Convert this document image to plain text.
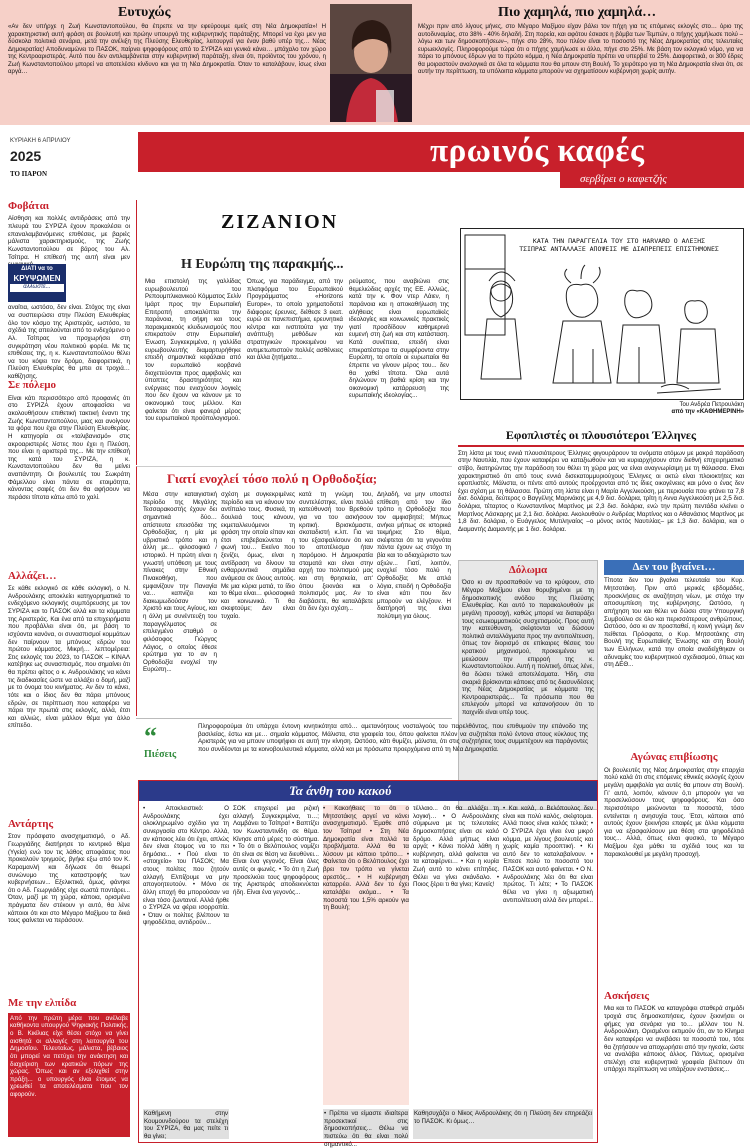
Ευτυχώς
«Αν δεν υπήρχε η Ζωή Κωνσταντοπούλου, θα έπρεπε να την εφεύρουμε εμείς στη Νέα Δημοκρατία»! Η χαρακτηριστική αυτή φράση σε βουλευτή και πρώην υπουργό της κυβερνητικής παράταξης. Μπορεί να έχει μεν για δύσκολα πολιτικά σενάρια, μετά την ανέλιξη της Πλεύσης Ελευθερίας, λειτουργεί για έναν βαθύ υπέρ της… Νέας Δημοκρατίας! Αποδυναμώνει το ΠΑΣΟΚ, παίρνει ψηφοφόρους από το ΣΥΡΙΖΑ και γενικά κάνει… μπάχαλο τον χώρο της Κεντροαριστεράς. Αυτό που δεν αντιλαμβάνεται στην κυβερνητική παράταξη, είναι ότι, προϊόντος του χρόνου, η Ζωή Κωνσταντοπούλου μπορεί να αποτελέσει κίνδυνο και για τη Νέα Δημοκρατία. Όταν το καταλάβουν, ίσως είναι αργά…
Πιο χαμηλά, πιο χαμηλά…
Μέχρι πριν από λίγους μήνες, στο Μέγαρο Μαξίμου είχαν βάλει τον πήχη για τις επόμενες εκλογές στο… όριο της αυτοδυναμίας, στο 38% - 40% δηλαδή. Στη πορεία, και αφότου έσκασε η βόμβα των Τεμπών, ο πήχης χαμήλωσε πολύ –λόγω και των δημοσκοπήσεων–, πήγε στο 28%, που πλέον είναι το ποσοστό της Νέας Δημοκρατίας στις τελευταίες ευρωεκλογές. Πληροφορούμε τώρα ότι ο πήχης χαμήλωσε κι άλλο, πήγε στο 25%. Με βάση τον εκλογικό νόμο, για να πάρει το μπόνους έδρων για το πρώτο κόμμα, η Νέα Δημοκρατία πρέπει να υπερβεί το 25%. Διαφορετικά, οι 300 έδρες θα μοιραστούν αναλογικά σε όλα τα κόμματα που θα μπουν στη Βουλή. Το χειρότερο για τη Νέα Δημοκρατία είναι ότι, σε αυτήν την περίπτωση, τα υπόλοιπα κόμματα μπορούν να σχηματίσουν κυβέρνηση χωρίς αυτήν.
ΚΥΡΙΑΚΗ 6 ΑΠΡΙΛΙΟΥ
2025
ΤΟ ΠΑΡΟΝ
πρωινός καφές
σερβίρει ο καφετζής
Φοβάται
Αίσθηση και πολλές αντιδράσεις από την πλευρά του ΣΥΡΙΖΑ έχουν προκαλέσει οι επαναλαμβανόμενες επιθέσεις, με βαριές μάλιστα χαρακτηρισμούς, της Ζωής Κωνσταντοπούλου σε βάρος του Αλ. Τσίπρα. Η επίθεσή της αυτή είναι μεν
ΔΙΑΤΙ να το
ΚΡΥΨΩΜΕΝ
άλλωστε...
αναίτια, ωστόσο, δεν είναι. Στόχος της είναι να συσπειρώσει στην Πλεύση Ελευθερίας όλο τον κόσμο της Αριστεράς, ωστόσο, τα σχέδιά της απειλούνται από το ενδεχόμενο ο Αλ. Τσίπρας να προχωρήσει στη συγκρότηση νέου πολιτικού φορέα. Με τις επιθέσεις της, η κ. Κωνσταντοπούλου θέλει να του κόψει τον δρόμο, διαφορετικά, η Πλεύση Ελευθερίας θα μπει σε τροχιά… καθίζησης.
Σε πόλεμο
Είναι κάτι περισσότερο από προφανές ότι στο ΣΥΡΙΖΑ έχουν αποφασίσει να ακολουθήσουν επιθετική τακτική έναντι της Ζωής Κωνσταντοπούλου, μιας και ανοίγουν τα φόρα που έχει στην Πλεύση Ελευθερίας. Η κατηγορία σε «ταλιβανισμό» στις ακροαριστερές λίστες που έχει η Πλεύση, που είναι η αριστερά της... Με την επίθεσή της κατά του ΣΥΡΙΖΑ, η κ. Κωνσταντοπούλου δεν θα μείνει αναπάντητη. Οι βουλευτές του Σωκράτη Φάμελλου είναι πάντα σε ετοιμότητα, κάνοντας σαφές ότι δεν θα αφήσουν να περάσει τίποτα κάτω από το χαλί.
Αλλάζει…
Σε κάθε εκλογικό σε κάθε εκλογική, ο Ν. Ανδρουλάκης αποκλείει κατηγορηματικά το ενδεχόμενο εκλογικής συμπόρευσης με τον ΣΥΡΙΖΑ και το ΠΑΣΟΚ αλλά και τα κόμματα της Αριστεράς. Και ένα από τα επιχειρήματα που προβάλλει είναι ότι, με βάση το ισχύοντα κανόνα, οι συνασπισμοί κομμάτων δεν παίρνουν τα μπόνους εδρών του πρώτου κόμματος. Μικρή… λεπτομέρεια: Στις εκλογές του 2023, το ΠΑΣΟΚ – ΚΙΝΑΛ κατέβηκε ως συνασπισμός, που σημαίνει ότι θα πρέπει φέτος ο κ. Ανδρουλάκης να κάνει τις διαδικασίες ώστε να αλλάξει ο δομή, μαζί με το όνομα του κινήματος. Αν δεν το κάνει, τότε και ο ίδιος δεν θα πάρει μπόνους εδρών, σε περίπτωση που καταφέρει να πάρει την πρωτιά στις εκλογές, αλλά, έτσι και αλλιώς, είναι μάλλον θέμα για άλλο επίπεδο.
ΖΙΖΑΝΙΟΝ
Η Ευρώπη της παρακμής...
Μια επιστολή της γαλλίδας ευρωβουλευτού του Ρεπουμπλικανικού Κόμματος Σελίν Ιμάρτ προς την Ευρωπαϊκή Επιτροπή αποκαλύπτει την παράνοια, τη σήψη και τους παρακμιακούς κλυδωνισμούς που επικρατούν στην Ευρωπαϊκή Ένωση. Συγκεκριμένα, η γαλλίδα ευρωβουλευτής διαμαρτυρήθηκε επειδή σημαντικά κεφάλαια από τον ευρωπαϊκό κορβανά διοχετεύονται προς αμφιβολές και ύποπτες δραστηριότητες και ενέργειες που ενισχύουν λογικές που δεν έχουν να κάνουν με το οικονομικό τους μέλλον. Και φαίνεται ότι είναι φανερά μέρος του ευρωπαϊκού προϋπολογισμού.
Όπως, για παράδειγμα, από την πλατφόρμα του Ευρωπαϊκού Προγράμματος «Horizons Europe», το οποίο χρηματοδοτεί διάφορες έρευνες, διέθεσε 3 εκατ. ευρώ σε πανεπιστήμια, ερευνητικά κέντρα και ινστιτούτα για την ανάπτυξη μεθόδων και στρατηγικών προκειμένου να αντιμετωπιστούν πολλές ασθένειες και άλλα ζητήματα...
ρεύματος, που αναβιώνει στις θεμελιώδεις αρχές της ΕΕ. Αλλιώς, κατά την κ. Φον ντερ Λάιεν, η παράνοια και η αποκαθήλωση της αλήθειας είναι ευρωπαϊκές ιδεολογίες και κοινωνικές πρακτικές γιατί προσδίδουν καθημερινά ευμενή στη ζωή και στη κατάσταση. Κατά συνέπεια, επειδή είναι επικρατέστερα τα συμφέροντα στην Ευρώπη, τα οποία οι ευρωπαίοι θα έπρεπε να γίνουν μέρος του... δεν θα χαθεί τίποτα. Όλα αυτά δηλώνουν τη βαθιά κρίση και την οικονομική κατάρρευση της ευρωπαϊκής ιδεολογίας...
ΚΑΤΑ ΤΗΝ ΠΑΡΑΓΓΕΛΙΑ ΤΟΥ ΣΤΟ HARVARD Ο ΑΛΕΞΗΣ ΤΣΙΠΡΑΣ ΑΝΤΑΛΛΑΞΕ ΑΠΟΨΕΙΣ ΜΕ ΔΙΑΠΡΕΠΕΙΣ ΕΠΙΣΤΗΜΟΝΕΣ
Του Ανδρέα Πετρουλάκη
από την «ΚΑΘΗΜΕΡΙΝΗ»
Γιατί ενοχλεί τόσο πολύ η Ορθοδοξία;
Μέσα στην καταιγιστική περίοδο της Μεγάλης Τεσσαρακοστής έχουν δει σημαντικά δύο… απίστευτα επεισόδια της Ορθοδοξίας, η μία με υβριστικό τρόπο και η άλλη με… φιλοσοφικό / ιστορικό. Η πρώτη είναι η γνωστή υπόθεση με τους πίνακες στην Εθνική Πινακοθήκη, που εμφανίζουν την Παναγία να… καπνίζει και διακωμωδούσαν τον Χριστό και τους Αγίους, και η άλλη με συνέντευξη του παραγγέλματος σε επιλεγμένο σταθμό ο φιλόσοφος Γιώργος Λάγιος, ο οποίος έθεσε ερώτημα για το αν η Ορθοδοξία ενοχλεί την Ευρώπη...
σχέση με συγκεκριμένες περίοδο και να κάνουν τον αντίπαλο τους. Φυσικά, τη δουλειά τους κάνουν, εκμεταλλευόμενοι τη φράση την οποία είπαν και έτσι επιβεβαιώνεται η φωνή του… Εκείνο που ξενίζει, όμως, είναι η αντίδραση να δίνουν τα ενθαρρυντικά σημάδια ανάμεσα σε όλους αυτούς. Με μια κύρια ματιά, το ίδιο το θέμα είναι… φιλοσοφικά και κοινωνικά. Τι θα σκεφτούμε; Δεν είναι τυχαίο.
κατά τη γνώμη του, συντελέστηκε, είναι πολλά κατεύθυνσή του Βρεθούν για να του ασκήσουν κριτική. Βρισκόμαστε, σκοταδιστή κ.λπ. Για να του εξασφαλίσουν ότι και το αποτέλεσμα ήταν παρόμοιο. Η Δημοκρατία σταματά και είναι στην αρχή του πολιτισμού μας και στη θρησκεία, απ' όπου ξεκινάει και ο πολιτισμός μας. Αν το διαβάσετε, θα καταλάβετε ότι δεν έχει σχέση...
Δηλαδή, να μην υποστεί επίθεση από τον ίδιο τρόπο η Ορθοδοξία που τον αμφισβητεί; Μήπως ανήκει μήπως σε ιστορικά τεκμήρια; Στο θέμα, σκέφτεται ότι τα γεγονότα πάντα έχουν ως στόχο τη βία και το αδιαχώριστο των αξιών... Γιατί, λοιπόν, ενοχλεί τόσο πολύ η Ορθοδοξία; Με απλά λόγια, επειδή η Ορθοδοξία είναι κάτι που δεν μπορούν να ελέγξουν. Η διατήρησή της είναι πολύτιμη για όλους.
Εφοπλιστές οι πλουσιότεροι Έλληνες
Στη λίστα με τους εννιά πλουσιότερους Έλληνες φιγουράρουν τα ονόματα ατόμων με μακρά παράδοση στην Ναυτιλία, που έχουν καταφέρει να καταξιωθούν και να κυριαρχήσουν στον διεθνή επιχειρηματικό στίβο, διατηρώντας την παράδοση του θέλει τη χώρα μας να είναι αναγνωρίσιμη με τη θάλασσα. Είναι χαρακτηριστικό ότι από τους εννιά δισεκατομμυριούχους Έλληνες οι οκτώ είναι πλοιοκτήτες και εφοπλιστές. Μάλιστα, οι πέντε από αυτούς προέρχονται από τις ίδιες οικογένειες και μόνο ο ένας δεν έχει σχέση με τη θάλασσα. Πρώτη στη λίστα είναι η Μαρία Αγγελικούση, με περιουσία που φτάνει τα 7,8 δισ. δολάρια, δεύτερος ο Βαγγέλης Μαρινάκης με 4,9 δισ. δολάρια, τρίτη η Αννα Αγγελικούση με 2,5 δισ. δολάρια, τέταρτος ο Κωνσταντίνος Μαρτίνος με 2,3 δισ. δολάρια, ενώ την πρώτη πεντάδα κλείνει ο Μαρτίνος Λάσκαρης με 2,1 δισ. δολάρια. Ακολουθούν ο Ανδρέας Μαρτίνος και ο Αθανάσιος Μαρτίνος με 1,8 δισ. δολάρια, ο Ευάγγελος Μυτιληναίος –ο μόνος εκτός Ναυτιλίας– με 1,3 δισ. δολάρια, και ο Διαμαντής Διαμαντής με 1 δισ. δολάρια.
Δόλωμα
Όσο κι αν προσπαθούν να το κρύψουν, στο Μέγαρο Μαξίμου είναι θορυβημένοι με τη δημοσκοπικής ανόδου της Πλεύσης Ελευθερίας. Και αυτό το παρακολουθούν με μεγάλη προσοχή, καθώς μπορεί να διαταράξει τους εσωκομματικούς συσχετισμούς. Προς αυτή την κατεύθυνση, σκέφτονται να δώσουν πολιτικά ανταλλάγματα προς την αντιπολίτευση, όπως τον διορισμό σε επίκαιρες θέσεις του κρατικού μηχανισμού, προκειμένου να μειώσουν την επιρροή της κ. Κωνσταντοπούλου. Αυτή η πολιτική, όπως λένε, θα δώσει τελικά αποτελέσματα. Ήδη, στα σκαριά βρίσκονται κάποιες από τις διασυνδέσεις της Νέας Δημοκρατίας με κόμματα της Κεντροαριστεράς... Τα πρόσωπα που θα επιλεγούν μπορεί να κατανοήσουν ότι το παιχνίδι είναι υπέρ τους.
Δεν του βγαίνει…
Τίποτα δεν του βγαίνει τελευταία του Κυρ. Μητσοτάκη. Πριν από μερικές εβδομάδες, προσκλήσεις σε αναζήτηση νέων, με στόχο την αποσυμπίεση της κυβέρνησης. Ωστόσο, η απήχηση του και θέλει να δώσει στην Υπουργική Συμβούλιο σε όλο και περισσότερους ανθρώπους. Ωστόσο, όσο κι αν προσπαθεί, η κοινή γνώμη δεν πείθεται. Πρόσφατα, ο Κυρ. Μητσοτάκης στη Βουλή της Ευρωπαϊκής Ένωσης και στη Βουλή των Ελλήνων, κατά την οποία αναδείχθηκαν οι αδυναμίες του κυβερνητικού σχεδιασμού, όπως και στη ΔΕΘ...
Αγώνας επιβίωσης
Οι βουλευτές της Νέας Δημοκρατίας στην επαρχία πολύ καλά ότι στις επόμενες εθνικές εκλογές έχουν μεγάλη αμφιβολία για αυτές θα μπουν στη Βουλή. Γι' αυτό, λοιπόν, κάνουν ό,τι μπορούν για να προσελκύσουν τους ψηφοφόρους. Και όσο περισσότερο μειώνονται τα ποσοστά, τόσο εντείνεται η ανησυχία τους. Έτσι, κάποιοι από αυτούς έχουν ξεκινήσει επαφές με άλλα κόμματα για να εξασφαλίσουν μια θέση στα ψηφοδέλτιά τους... Αλλά, όπως είναι φυσικό, το Μέγαρο Μαξίμου έχει μάθει τα σχέδιά τους και τα παρακολουθεί με μεγάλη προσοχή.
“
Πιέσεις
Πληροφορούμαι ότι υπάρχει έντονη κινητικότητα από… αμετανόητους νοσταλγούς του παρελθόντος, που επιθυμούν την επάνοδο της βασιλείας, έστω και με… σημαία κόμματος. Μάλιστα, στα γραφεία του, όπου φαίνεται πλέον να συζητιέται πολύ έντονα στους κύκλους της Αριστεράς για να μπουν υποψήφιοι σε αυτή την κίνηση. Ωστόσο, κάτι θυμίζει, μάλιστα, ότι στις συζητήσεις τους συμμετέχουν και παράγοντες που συνδέονται με τα κοινοβουλευτικά κόμματα, αλλά και με πρόσωπα προερχόμενα από τη Νέα Δημοκρατία.
Αντάρτης
Στον πρόσφατο ανασχηματισμό, ο Αδ. Γεωργιάδης διατήρησε το κεντρικό θέμα (Υγεία) ενώ τον τις λάθος αποφάσεις που προκαλούν τριγμούς, βγήκε εξω από τον Κ. Καραμανλή και δήλωσε ότι θεωρεί συνώνυμο της καταστροφής των κυβερνήσεων... Εξελικτικά, όμως, φάνηκε ότι ο Αδ. Γεωργιάδης είχε σωστά ποντάρει... Όταν, μαζί με τη χώρα, κάποια, ορισμένα πράγματα δεν στέκουν γι αυτό, θα λένε κάποιοι ότι και στο Μέγαρο Μαξίμου τα δικά τους φαίνεται να περάσουν.
Με την ελπίδα
Από την πρώτη μέρα που ανέλαβε καθήκοντα υπουργού Ψηφιακής Πολιτικής, ο Β. Κικίλιας είχε θέσει στόχο να γίνει αισθητά οι αλλαγές στη λειτουργία του Δημοσίου. Τελευταίως, μάλιστα, βέβαιος ότι μπορεί να πετύχει την ανάκτηση και διαχείριση των κρατικών πόρων της χώρας. Όπως και αν εξελιχθεί στην πράξη... ο υπουργός είναι έτοιμος να χρεωθεί τα αποτελέσματα που τον αφορούν.
Τα άνθη του κακού
• Αποκλειστικό: Ο Ανδρουλάκης έχει ολοκληρωμένο σχέδιο για τη συνεργασία στο Κέντρο. Αλλά, αν κάποιος λέει ότι έχει, απλώς δεν είναι έτοιμος να το πει δημόσια… • Πού είναι το «στοιχείο» του ΠΑΣΟΚ; Μα στους πολίτες που ζητούν αλλαγή. Ελπίζουμε να μην απογοητευτούν. • Μόνο σε άλλη εποχή θα μπορούσαν να είναι τόσο ζωντανοί. Αλλά ήρθε ο ΣΥΡΙΖΑ να φέρει ισορροπία. • Όταν οι πολίτες βλέπουν τα ψηφοδέλτια, αντιδρούν...
ΣΟΚ επιχειρεί μια ριζική αλλαγή. Συγκεκριμένα, τι…; Λαμβάνει το Τσίπρα! • Βαπτίζει τον Κωνσταντινίδη σε θέμα. Κίνησε από μέρες το σύστημα. • Το ότι ο Βελόπουλος νομίζει ότι είναι σε θέση να διευθύνει... Είναι ένα γεγονός. Είναι όλες αυτές οι φωνές. • Το ότι η Ζωή προσελκύει τους ψηφοφόρους της Αριστεράς αποδεικνύεται ήδη. Είναι ένα γεγονός...
• Κακοήθειες το ότι ο Μητσοτάκης αργεί να κάνει ανασχηματισμό. Έμαθε από τον Τσίπρα! • Στη Νέα Δημοκρατία είναι πολλά τα προβλήματα. Αλλά θα τα λύσουν με κάποιο τρόπο… • Φαίνεται ότι ο Βελόπουλος έχει βρει τον τρόπο να γίνεται αρεστός... • Η κυβέρνηση καταρρέει. Αλλά δεν το έχει καταλάβει ακόμα... • Τα ποσοστά του 1,5% αρκούν για τη Βουλή;
τέλλαιο... ότι θα αλλάξει τη λογική… • Ο Ανδρουλάκης σύμφωνα με τις τελευταίες δημοσκοπήσεις είναι σε καλό δρόμο. Αλλά μήπως είναι αργά; • Κάνει πολλά λάθη η κυβέρνηση, αλλά φαίνεται να τα καταφέρνει… • Και η κυρία Ζωή αυτό το κάνει επίτηδες. Θέλει να γίνει σκάνδαλο. • Ποιος ξέρει τι θα γίνει; Κανείς!
• Και καλά, ο Βελόπουλος δεν είναι και πολύ καλός, σκέφτομαι. Αλλά ποιος είναι καλός τελικά; • Ο ΣΥΡΙΖΑ έχει γίνει ένα μικρό κόμμα, με λίγους βουλευτές και χωρίς καμία προοπτική. • Κι αυτό δεν το καταλαβαίνουν. • Έπεσε πολύ το ποσοστό του ΠΑΣΟΚ και αυτό φαίνεται. • Ο Ν. Ανδρουλάκης λέει ότι θα είναι πρώτος. Τι λέτε; • Το ΠΑΣΟΚ θέλει να γίνει η αξιωματική αντιπολίτευση αλλά δεν μπορεί...
Καθήμενη στην Κουμουνδούρου τα στελέχη του ΣΥΡΙΖΑ, θα μας πείτε τι θα γίνει;
• Πρέπει να είμαστε ιδιαίτερα προσεκτικοί στις δημοσκοπήσεις... Θέλω να πιστεύω ότι θα είναι πολύ σημαντικό...
Καθησυχάζει ο Νίκος Ανδρουλάκης ότι η Πλεύση δεν επηρεάζει το ΠΑΣΟΚ. Κι όμως…
Ασκήσεις
Μια και το ΠΑΣΟΚ να καταγράφει σταθερά σημάδι τροχιά στις δημοσκοπήσεις, έχουν ξεκινήσει οι φήμες για σενάρια για το… μέλλον του Ν. Ανδρουλάκη. Ορισμένοι εκτιμούν ότι, αν το Κίνημα δεν καταφέρει να ανεβάσει τα ποσοστά του, τότε θα ζητήσουν να αποχωρήσει από την ηγεσία, ώστε να αναλάβει κάποιος άλλος. Πάντως, ορισμένα στελέχη στα κυβερνητικά γραφεία βλέπουν ότι υπάρχει περίπτωση να υπάρξουν ενστάσεις...
